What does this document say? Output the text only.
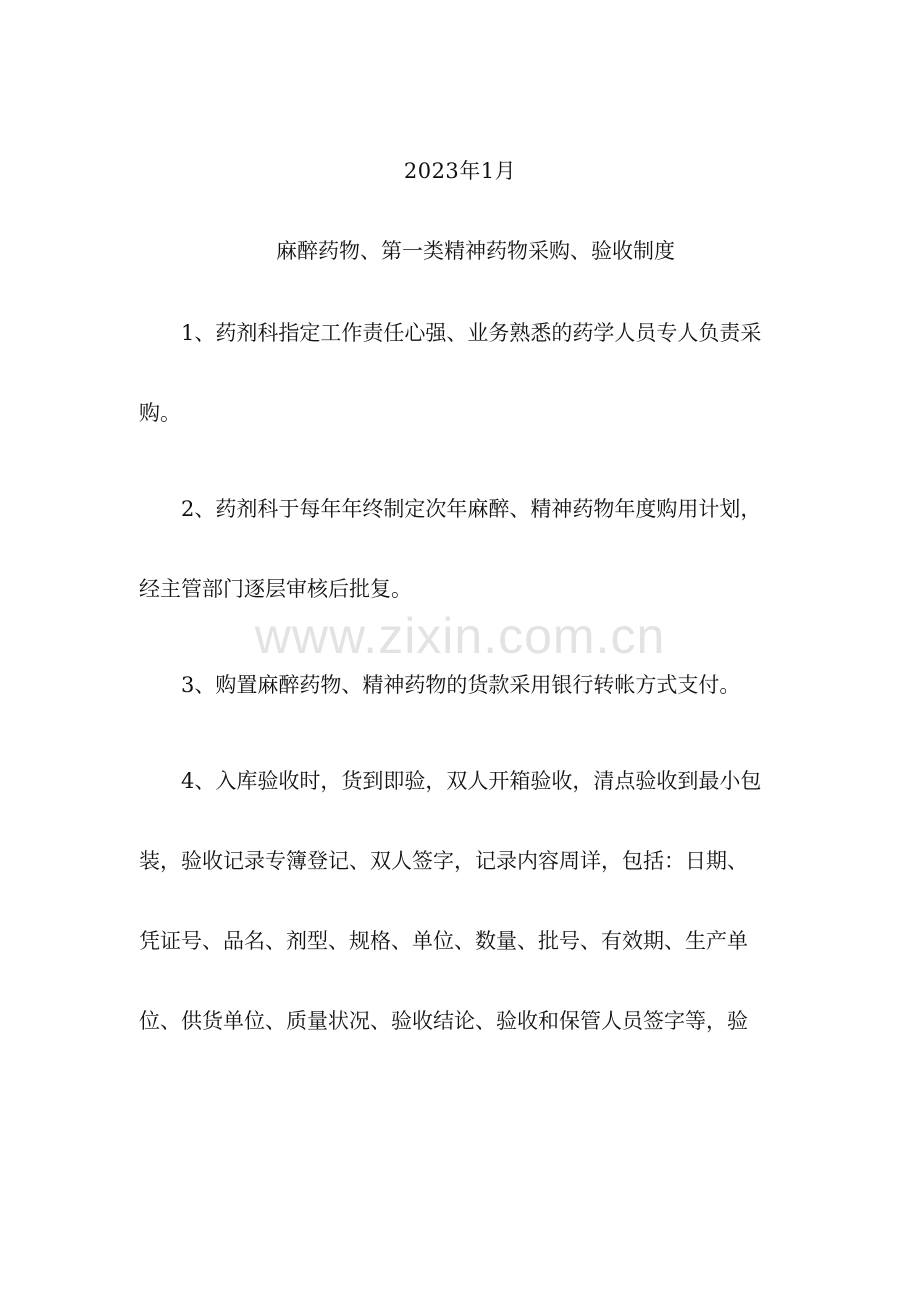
2023年1月
麻醉药物、第一类精神药物采购、验收制度
1、药剂科指定工作责任心强、业务熟悉的药学人员专人负责采
购。
2、药剂科于每年年终制定次年麻醉、精神药物年度购用计划，
经主管部门逐层审核后批复。
www.zixin.com.cn
3、购置麻醉药物、精神药物的货款采用银行转帐方式支付。
4、入库验收时，货到即验，双人开箱验收，清点验收到最小包
装，验收记录专簿登记、双人签字，记录内容周详，包括：日期、
凭证号、品名、剂型、规格、单位、数量、批号、有效期、生产单
位、供货单位、质量状况、验收结论、验收和保管人员签字等，验
